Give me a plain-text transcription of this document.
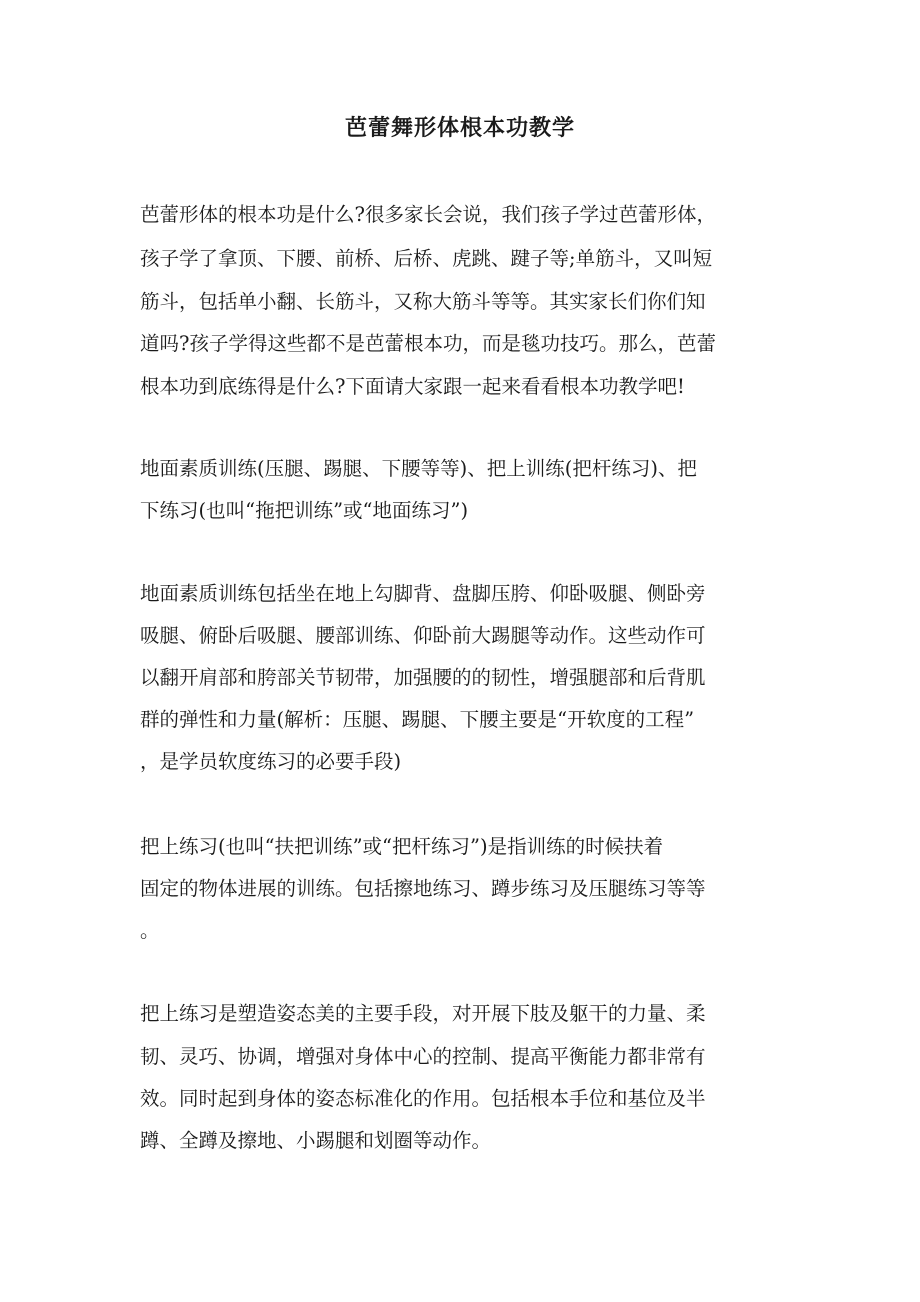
芭蕾舞形体根本功教学
芭蕾形体的根本功是什么?很多家长会说，我们孩子学过芭蕾形体，
孩子学了拿顶、下腰、前桥、后桥、虎跳、踺子等;单筋斗，又叫短
筋斗，包括单小翻、长筋斗，又称大筋斗等等。其实家长们你们知
道吗?孩子学得这些都不是芭蕾根本功，而是毯功技巧。那么，芭蕾
根本功到底练得是什么?下面请大家跟一起来看看根本功教学吧!
地面素质训练(压腿、踢腿、下腰等等)、把上训练(把杆练习)、把
下练习(也叫“拖把训练”或“地面练习”)
地面素质训练包括坐在地上勾脚背、盘脚压胯、仰卧吸腿、侧卧旁
吸腿、俯卧后吸腿、腰部训练、仰卧前大踢腿等动作。这些动作可
以翻开肩部和胯部关节韧带，加强腰的的韧性，增强腿部和后背肌
群的弹性和力量(解析：压腿、踢腿、下腰主要是“开软度的工程”
，是学员软度练习的必要手段)
把上练习(也叫“扶把训练”或“把杆练习”)是指训练的时候扶着
固定的物体进展的训练。包括擦地练习、蹲步练习及压腿练习等等
。
把上练习是塑造姿态美的主要手段，对开展下肢及躯干的力量、柔
韧、灵巧、协调，增强对身体中心的控制、提高平衡能力都非常有
效。同时起到身体的姿态标准化的作用。包括根本手位和基位及半
蹲、全蹲及擦地、小踢腿和划圈等动作。
